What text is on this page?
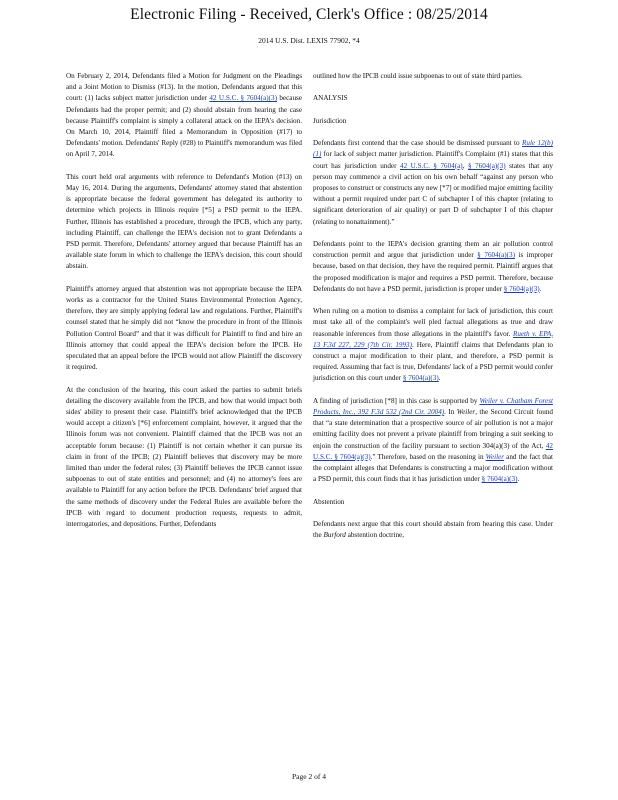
Electronic Filing - Received, Clerk's Office : 08/25/2014
2014 U.S. Dist. LEXIS 77902, *4

On February 2, 2014, Defendants filed a Motion for Judgment on the Pleadings and a Joint Motion to Dismiss (#13). In the motion, Defendants argued that this court: (1) lacks subject matter jurisdiction under 42 U.S.C. § 7604(a)(3) because Defendants had the proper permit; and (2) should abstain from hearing the case because Plaintiff's complaint is simply a collateral attack on the IEPA's decision. On March 10, 2014, Plaintiff filed a Memorandum in Opposition (#17) to Defendants' motion. Defendants' Reply (#28) to Plaintiff's memorandum was filed on April 7, 2014.

This court held oral arguments with reference to Defendant's Motion (#13) on May 16, 2014. During the arguments, Defendants' attorney stated that abstention is appropriate because the federal government has delegated its authority to determine which projects in Illinois require [*5] a PSD permit to the IEPA. Further, Illinois has established a procedure, through the IPCB, which any party, including Plaintiff, can challenge the IEPA's decision not to grant Defendants a PSD permit. Therefore, Defendants' attorney argued that because Plaintiff has an available state forum in which to challenge the IEPA's decision, this court should abstain.

Plaintiff's attorney argued that abstention was not appropriate because the IEPA works as a contractor for the United States Environmental Protection Agency, therefore, they are simply applying federal law and regulations. Further, Plaintiff's counsel stated that he simply did not “know the procedure in front of the Illinois Pollution Control Board” and that it was difficult for Plaintiff to find and hire an Illinois attorney that could appeal the IEPA's decision before the IPCB. He speculated that an appeal before the IPCB would not allow Plaintiff the discovery it required.

At the conclusion of the hearing, this court asked the parties to submit briefs detailing the discovery available from the IPCB, and how that would impact both sides' ability to present their case. Plaintiff's brief acknowledged that the IPCB would accept a citizen's [*6] enforcement complaint, however, it argued that the Illinois forum was not convenient. Plaintiff claimed that the IPCB was not an acceptable forum because: (1) Plaintiff is not certain whether it can pursue its claim in front of the IPCB; (2) Plaintiff believes that discovery may be more limited than under the federal rules; (3) Plaintiff believes the IPCB cannot issue subpoenas to out of state entities and personnel; and (4) no attorney's fees are available to Plaintiff for any action before the IPCB. Defendants' brief argued that the same methods of discovery under the Federal Rules are available before the IPCB with regard to document production requests, requests to admit, interrogatories, and depositions. Further, Defendants

outlined how the IPCB could issue subpoenas to out of state third parties.

ANALYSIS

Jurisdiction

Defendants first contend that the case should be dismissed pursuant to Rule 12(b)(1) for lack of subject matter jurisdiction. Plaintiff's Complaint (#1) states that this court has jurisdiction under 42 U.S.C. § 7604(a), § 7604(a)(3) states that any person may commence a civil action on his own behalf “against any person who proposes to construct or constructs any new [*7] or modified major emitting facility without a permit required under part C of subchapter I of this chapter (relating to significant deterioration of air quality) or part D of subchapter I of this chapter (relating to nonattainment).”

Defendants point to the IEPA's decision granting them an air pollution control construction permit and argue that jurisdiction under § 7604(a)(3) is improper because, based on that decision, they have the required permit. Plaintiff argues that the proposed modification is major and requires a PSD permit. Therefore, because Defendants do not have a PSD permit, jurisdiction is proper under § 7604(a)(3).

When ruling on a motion to dismiss a complaint for lack of jurisdiction, this court must take all of the complaint's well pled factual allegations as true and draw reasonable inferences from those allegations in the plaintiff's favor. Rueth v. EPA, 13 F.3d 227, 229 (7th Cir. 1993). Here, Plaintiff claims that Defendants plan to construct a major modification to their plant, and therefore, a PSD permit is required. Assuming that fact is true, Defendants' lack of a PSD permit would confer jurisdiction on this court under § 7604(a)(3).

A finding of jurisdiction [*8] in this case is supported by Weiler v. Chatham Forest Products, Inc., 392 F.3d 532 (2nd Cir. 2004). In Weiler, the Second Circuit found that “a state determination that a prospective source of air pollution is not a major emitting facility does not prevent a private plaintiff from bringing a suit seeking to enjoin the construction of the facility pursuant to section 304(a)(3) of the Act, 42 U.S.C. § 7604(a)(3).” Therefore, based on the reasoning in Weiler and the fact that the complaint alleges that Defendants is constructing a major modification without a PSD permit, this court finds that it has jurisdiction under § 7604(a)(3).

Abstention

Defendants next argue that this court should abstain from hearing this case. Under the Burford abstention doctrine,

Page 2 of 4
